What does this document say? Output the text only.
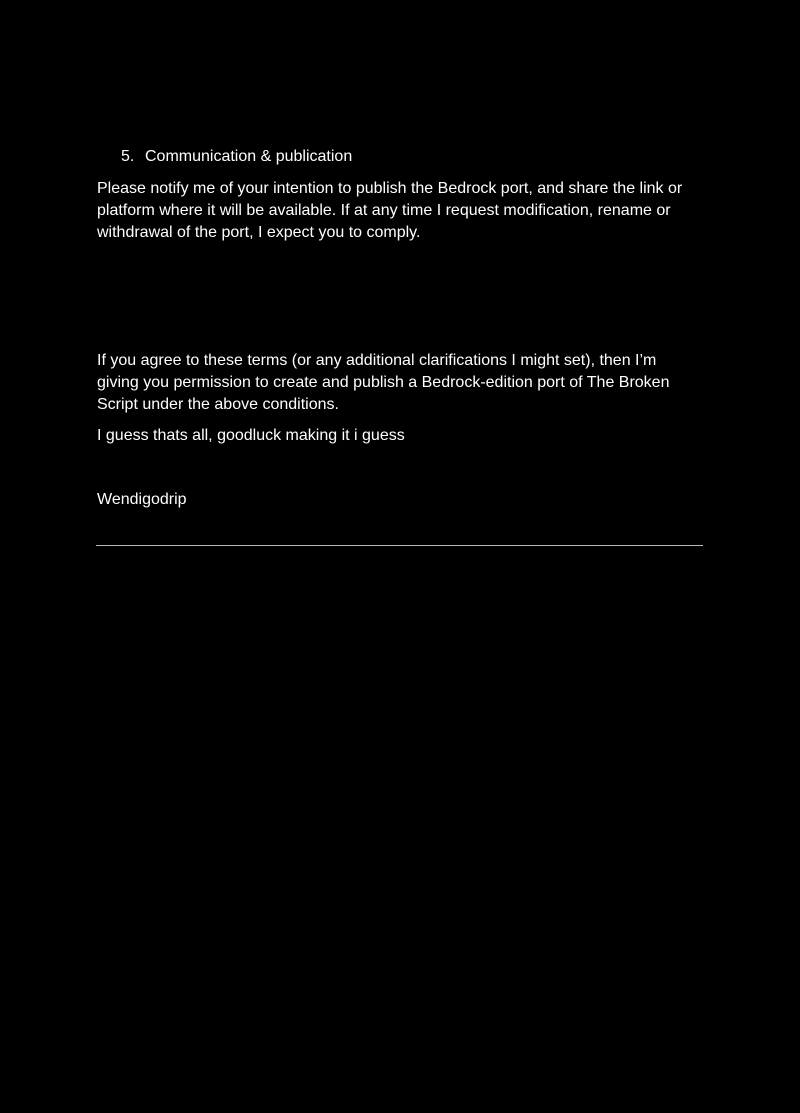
5. Communication & publication

Please notify me of your intention to publish the Bedrock port, and share the link or platform where it will be available. If at any time I request modification, rename or withdrawal of the port, I expect you to comply.

If you agree to these terms (or any additional clarifications I might set), then I’m giving you permission to create and publish a Bedrock‑edition port of The Broken Script under the above conditions.

I guess thats all, goodluck making it i guess

Wendigodrip
